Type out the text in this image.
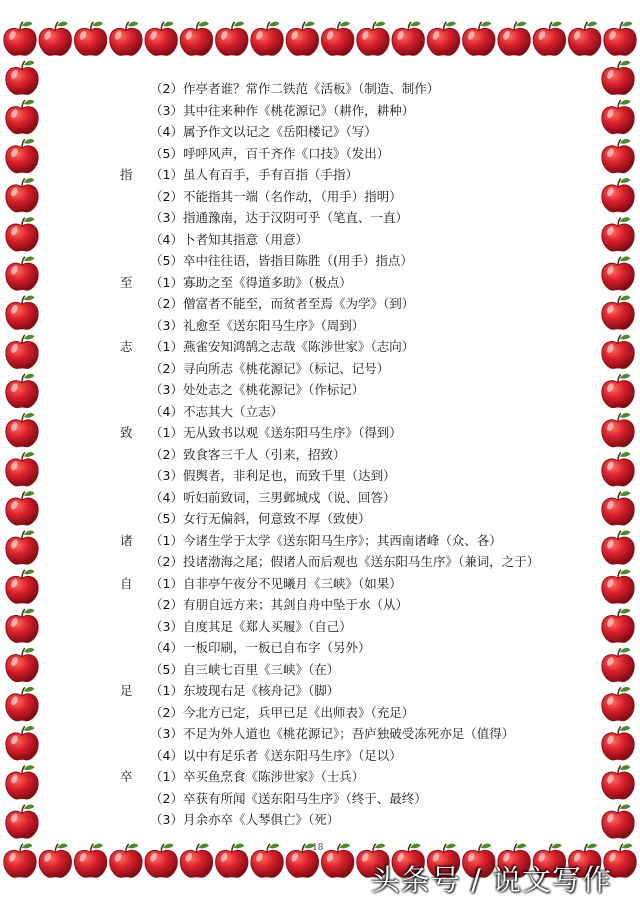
（2）作亭者谁？常作二铁范《活板》（制造、制作）
（3）其中往来种作《桃花源记》（耕作，耕种）
（4）属予作文以记之《岳阳楼记》（写）
（5）呼呼风声，百千齐作《口技》（发出）
指	（1）虽人有百手，手有百指（手指）
（2）不能指其一端（名作动，（用手）指明）
（3）指通豫南，达于汉阴可乎（笔直、一直）
（4）卜者知其指意（用意）
（5）卒中往往语，皆指目陈胜（(用手）指点）
至	（1）寡助之至《得道多助》（极点）
（2）僧富者不能至，而贫者至焉《为学》（到）
（3）礼愈至《送东阳马生序》（周到）
志	（1）燕雀安知鸿鹄之志哉《陈涉世家》（志向）
（2）寻向所志《桃花源记》（标记、记号）
（3）处处志之《桃花源记》（作标记）
（4）不志其大（立志）
致	（1）无从致书以观《送东阳马生序》（得到）
（2）致食客三千人（引来，招致）
（3）假舆者，非利足也，而致千里（达到）
（4）听妇前致词，三男邺城戍（说、回答）
（5）女行无偏斜，何意致不厚（致使）
诸	（1）今诸生学于太学《送东阳马生序》；其西南诸峰（众、各）
（2）投诸渤海之尾；假诸人而后观也《送东阳马生序》（兼词，之于）
自	（1）自非亭午夜分不见曦月《三峡》（如果）
（2）有朋自远方来；其剑自舟中坠于水（从）
（3）自度其足《郑人买履》（自己）
（4）一板印刷，一板已自布字（另外）
（5）自三峡七百里《三峡》（在）
足	（1）东坡现右足《核舟记》（脚）
（2）今北方已定，兵甲已足《出师表》（充足）
（3）不足为外人道也《桃花源记》；吾庐独破受冻死亦足（值得）
（4）以中有足乐者《送东阳马生序》（足以）
卒	（1）卒买鱼烹食《陈涉世家》（士兵）
（2）卒获有所闻《送东阳马生序》（终于、最终）
（3）月余亦卒《人琴俱亡》（死）
18
头条号 / 说文写作
